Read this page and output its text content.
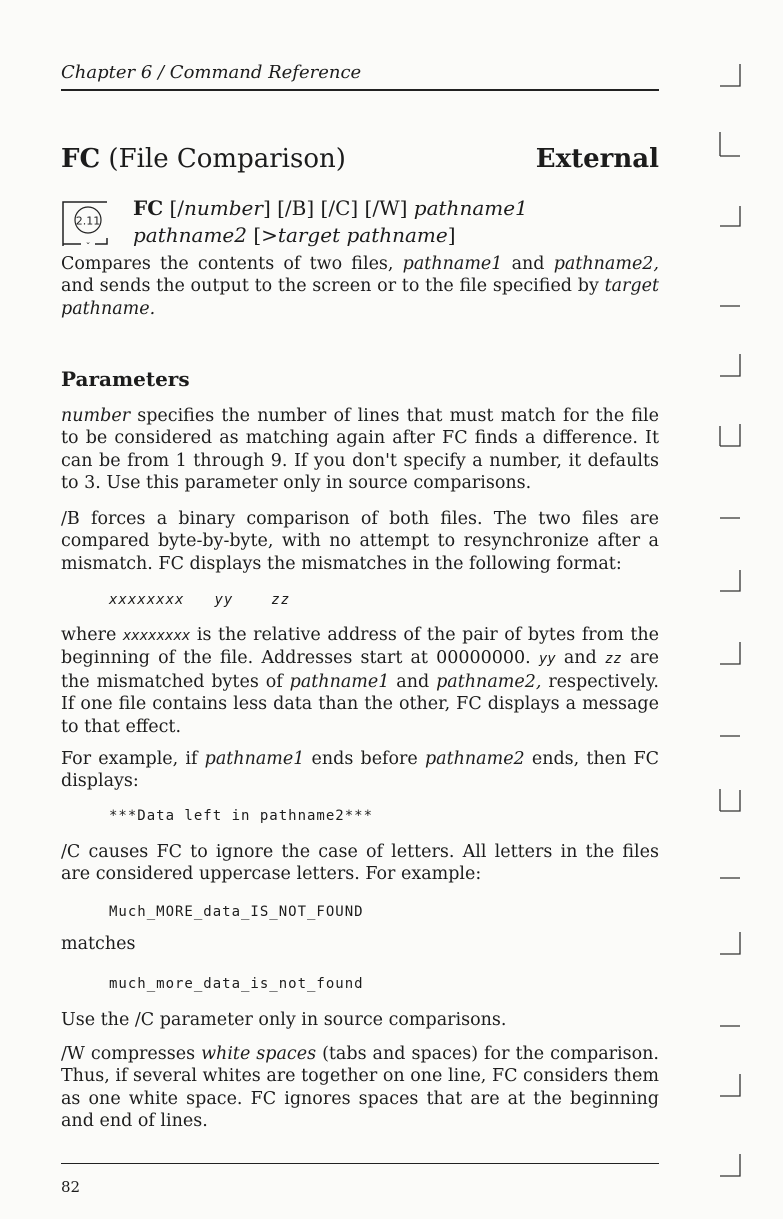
Chapter 6 / Command Reference
FC (File Comparison)	External
2.11
⌄
FC [/number] [/B] [/C] [/W] pathname1
pathname2 [>target pathname]

Compares the contents of two files, pathname1 and pathname2, and sends the output to the screen or to the file specified by target pathname.

Parameters

number specifies the number of lines that must match for the file to be considered as matching again after FC finds a difference. It can be from 1 through 9. If you don't specify a number, it defaults to 3. Use this parameter only in source comparisons.

/B forces a binary comparison of both files. The two files are compared byte-by-byte, with no attempt to resynchronize after a mismatch. FC displays the mismatches in the following format:

xxxxxxxx yy	zz

where xxxxxxxx is the relative address of the pair of bytes from the beginning of the file. Addresses start at 00000000. yy and zz are the mismatched bytes of pathname1 and pathname2, respectively. If one file contains less data than the other, FC displays a message to that effect.

For example, if pathname1 ends before pathname2 ends, then FC displays:

***Data left in pathname2***

/C causes FC to ignore the case of letters. All letters in the files are considered uppercase letters. For example:

Much_MORE_data_IS_NOT_FOUND

matches

much_more_data_is_not_found

Use the /C parameter only in source comparisons.

/W compresses white spaces (tabs and spaces) for the comparison. Thus, if several whites are together on one line, FC considers them as one white space. FC ignores spaces that are at the beginning and end of lines.

82
